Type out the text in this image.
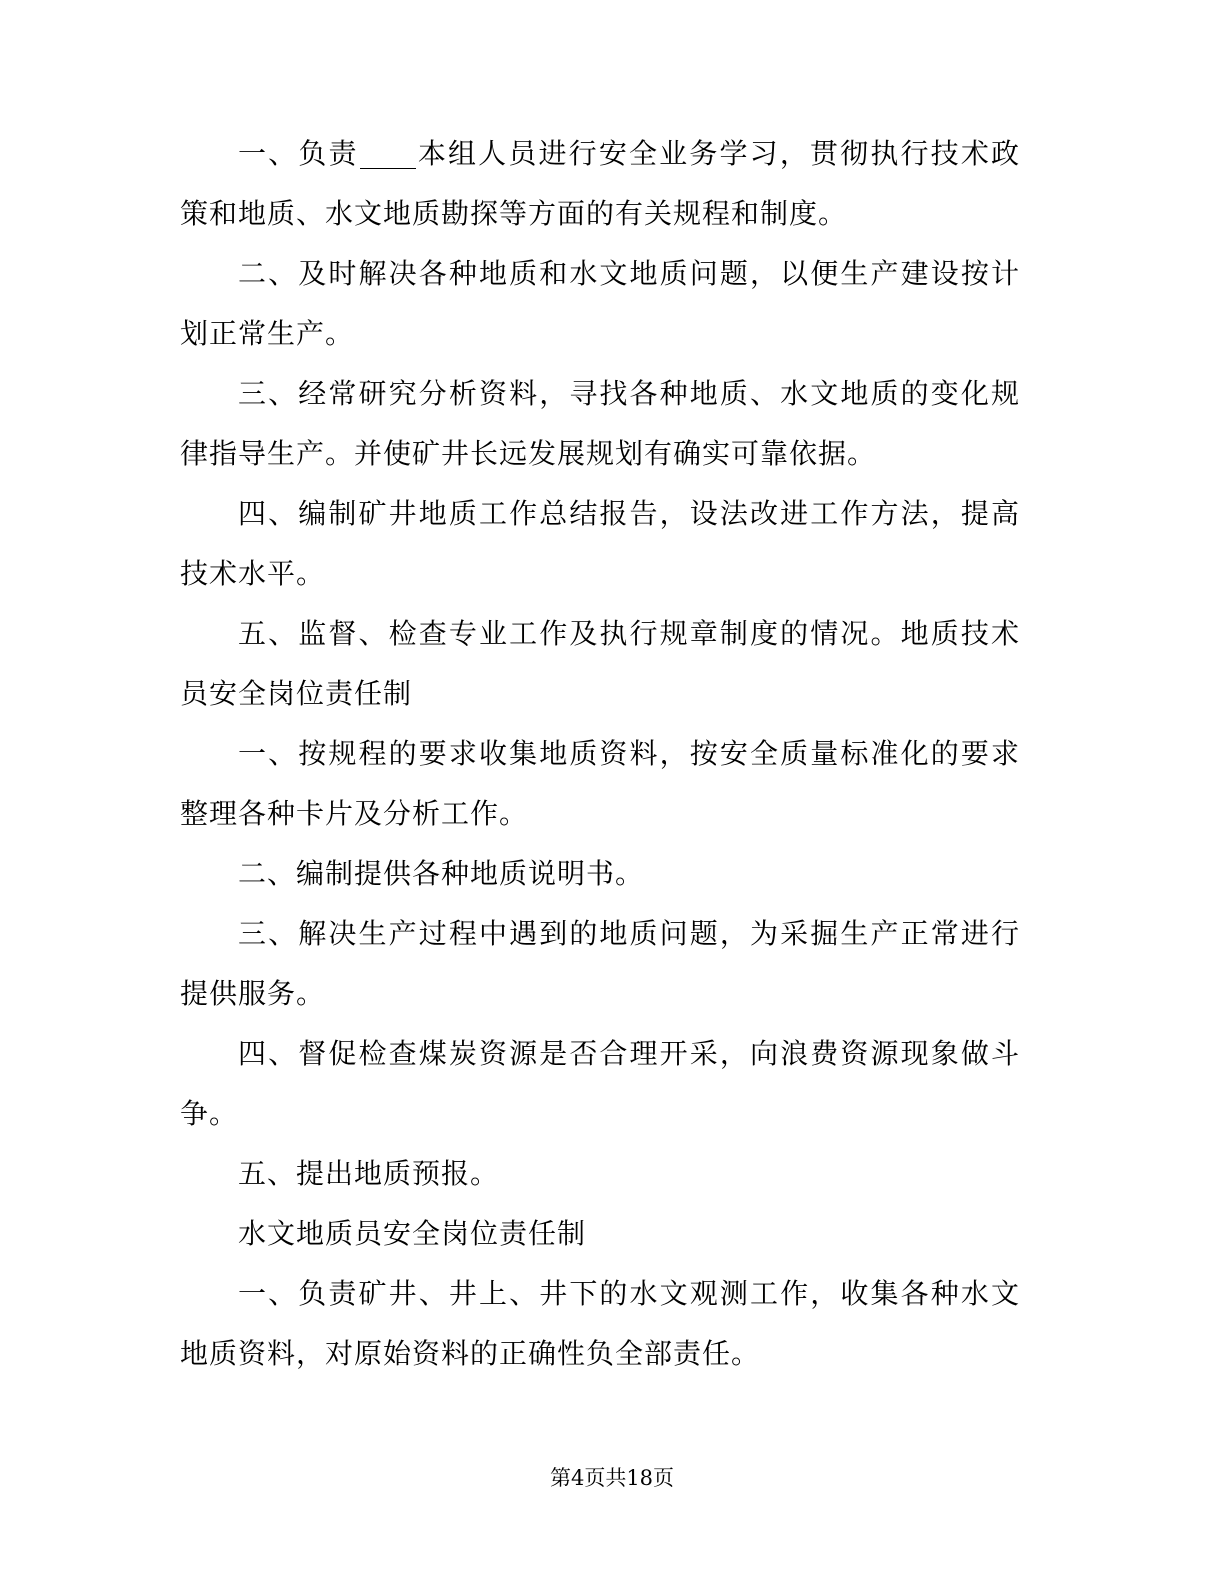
一、负责 本组人员进行安全业务学习，贯彻执行技术政策和地质、水文地质勘探等方面的有关规程和制度。

二、及时解决各种地质和水文地质问题，以便生产建设按计划正常生产。

三、经常研究分析资料，寻找各种地质、水文地质的变化规律指导生产。并使矿井长远发展规划有确实可靠依据。

四、编制矿井地质工作总结报告，设法改进工作方法，提高技术水平。

五、监督、检查专业工作及执行规章制度的情况。地质技术员安全岗位责任制

一、按规程的要求收集地质资料，按安全质量标准化的要求整理各种卡片及分析工作。

二、编制提供各种地质说明书。

三、解决生产过程中遇到的地质问题，为采掘生产正常进行提供服务。

四、督促检查煤炭资源是否合理开采，向浪费资源现象做斗争。

五、提出地质预报。

水文地质员安全岗位责任制

一、负责矿井、井上、井下的水文观测工作，收集各种水文地质资料，对原始资料的正确性负全部责任。

第4页共18页
